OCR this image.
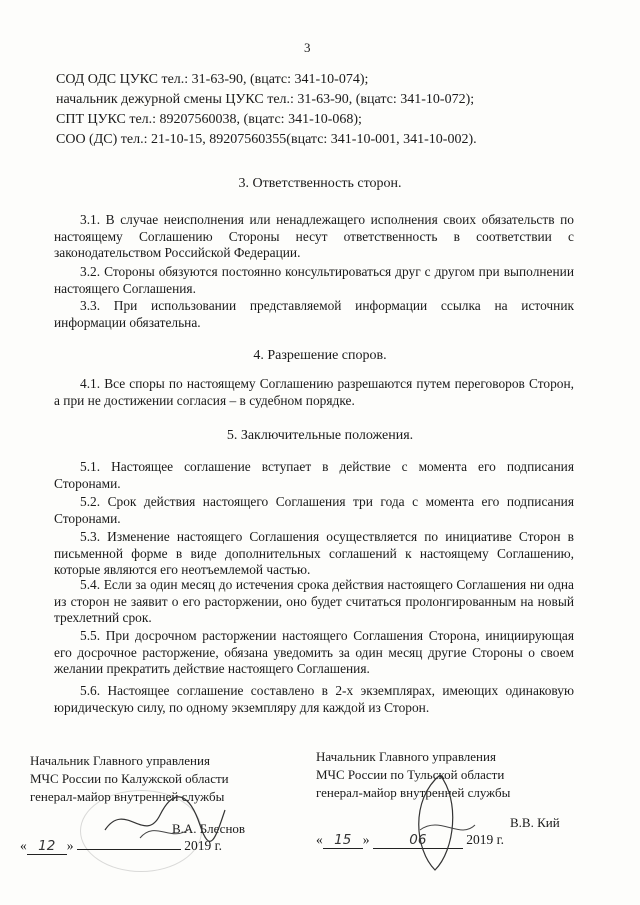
3
СОД ОДС ЦУКС тел.: 31-63-90, (вцатс: 341-10-074);
начальник дежурной смены ЦУКС тел.: 31-63-90, (вцатс: 341-10-072);
СПТ ЦУКС тел.: 89207560038, (вцатс: 341-10-068);
СОО (ДС) тел.: 21-10-15, 89207560355(вцатс: 341-10-001, 341-10-002).
3. Ответственность сторон.
3.1. В случае неисполнения или ненадлежащего исполнения своих обязательств по настоящему Соглашению Стороны несут ответственность в соответствии с законодательством Российской Федерации.
3.2. Стороны обязуются постоянно консультироваться друг с другом при выполнении настоящего Соглашения.
3.3. При использовании представляемой информации ссылка на источник информации обязательна.
4. Разрешение споров.
4.1. Все споры по настоящему Соглашению разрешаются путем переговоров Сторон, а при не достижении согласия – в судебном порядке.
5. Заключительные положения.
5.1. Настоящее соглашение вступает в действие с момента его подписания Сторонами.
5.2. Срок действия настоящего Соглашения три года с момента его подписания Сторонами.
5.3. Изменение настоящего Соглашения осуществляется по инициативе Сторон в письменной форме в виде дополнительных соглашений к настоящему Соглашению, которые являются его неотъемлемой частью.
5.4. Если за один месяц до истечения срока действия настоящего Соглашения ни одна из сторон не заявит о его расторжении, оно будет считаться пролонгированным на новый трехлетний срок.
5.5. При досрочном расторжении настоящего Соглашения Сторона, инициирующая его досрочное расторжение, обязана уведомить за один месяц другие Стороны о своем желании прекратить действие настоящего Соглашения.
5.6. Настоящее соглашение составлено в 2-х экземплярах, имеющих одинаковую юридическую силу, по одному экземпляру для каждой из Сторон.
Начальник Главного управления
МЧС России по Калужской области
генерал-майор внутренней службы
В.А. Блеснов
« 12 »	2019 г.
Начальник Главного управления
МЧС России по Тульской области
генерал-майор внутренней службы
В.В. Кий
« 15 »	06	2019 г.
